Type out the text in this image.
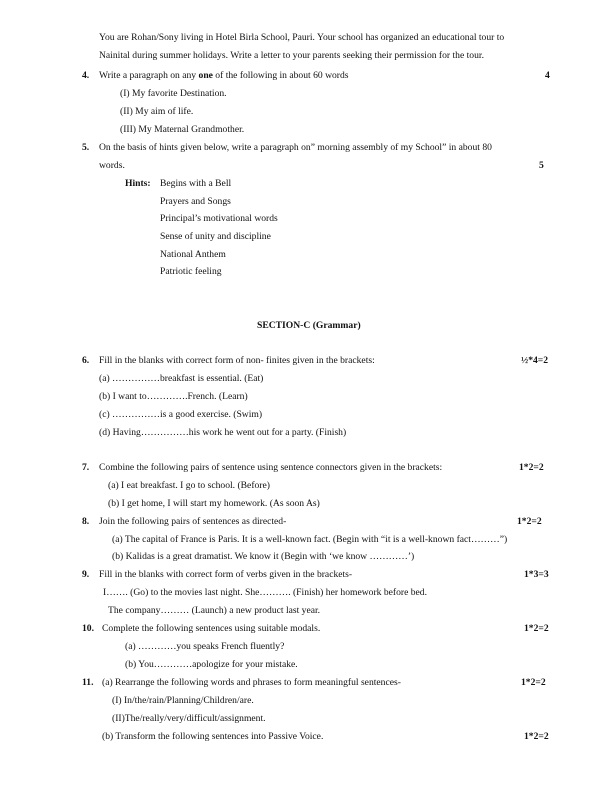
You are Rohan/Sony living in Hotel Birla School, Pauri. Your school has organized an educational tour to
Nainital during summer holidays. Write a letter to your parents seeking their permission for the tour.
4. Write a paragraph on any one of the following in about 60 words	4
(I) My favorite Destination.
(II) My aim of life.
(III) My Maternal Grandmother.
5. On the basis of hints given below, write a paragraph on” morning assembly of my School” in about 80
words.	5
Hints: Begins with a Bell
Prayers and Songs
Principal’s motivational words
Sense of unity and discipline
National Anthem
Patriotic feeling
SECTION-C (Grammar)
6. Fill in the blanks with correct form of non- finites given in the brackets:	½*4=2
(a) ……………breakfast is essential. (Eat)
(b) I want to………….French. (Learn)
(c) ……………is a good exercise. (Swim)
(d) Having……………his work he went out for a party. (Finish)
7. Combine the following pairs of sentence using sentence connectors given in the brackets:	1*2=2
(a) I eat breakfast. I go to school. (Before)
(b) I get home, I will start my homework. (As soon As)
8. Join the following pairs of sentences as directed-	1*2=2
(a) The capital of France is Paris. It is a well-known fact. (Begin with “it is a well-known fact………”)
(b) Kalidas is a great dramatist. We know it (Begin with ‘we know …………’)
9. Fill in the blanks with correct form of verbs given in the brackets-	1*3=3
I……. (Go) to the movies last night. She………. (Finish) her homework before bed.
The company……… (Launch) a new product last year.
10. Complete the following sentences using suitable modals.	1*2=2
(a) …………you speaks French fluently?
(b) You…………apologize for your mistake.
11. (a) Rearrange the following words and phrases to form meaningful sentences-	1*2=2
(I) In/the/rain/Planning/Children/are.
(II)The/really/very/difficult/assignment.
(b) Transform the following sentences into Passive Voice.	1*2=2
